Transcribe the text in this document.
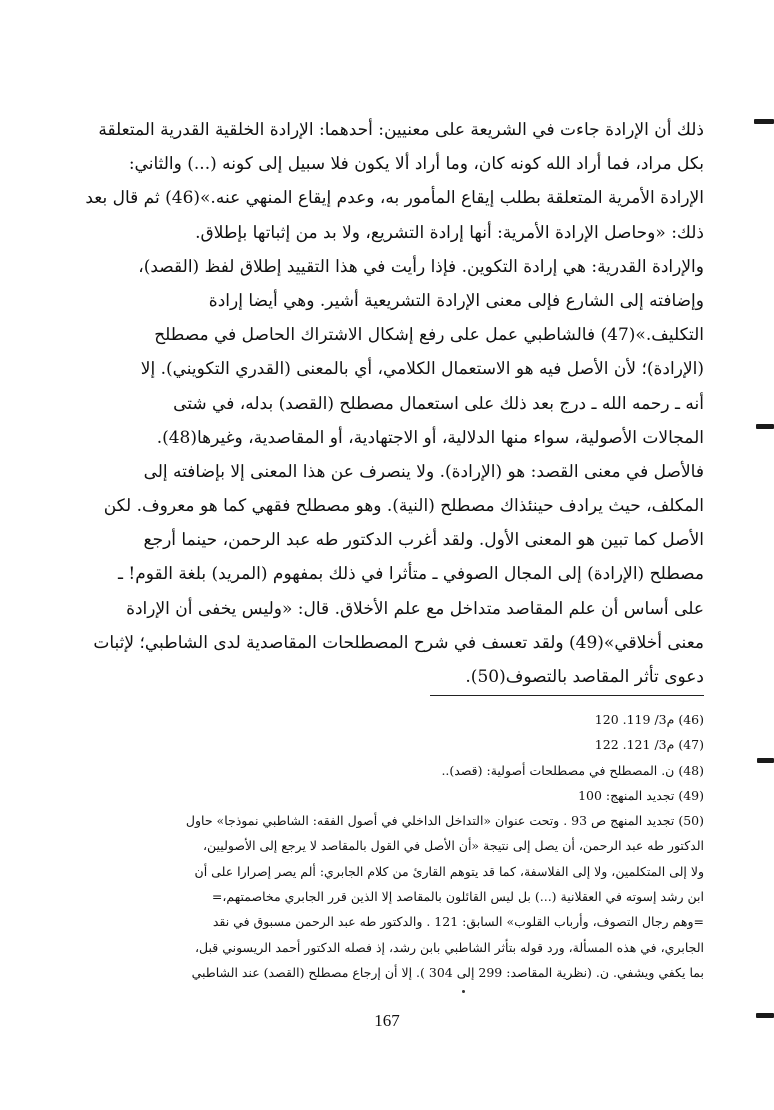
ذلك أن الإرادة جاءت في الشريعة على معنيين: أحدهما: الإرادة الخلقية القدرية المتعلقة
بكل مراد، فما أراد الله كونه كان، وما أراد ألا يكون فلا سبيل إلى كونه (...) والثاني:
الإرادة الأمرية المتعلقة بطلب إيقاع المأمور به، وعدم إيقاع المنهي عنه.»(46) ثم قال بعد
ذلك: «وحاصل الإرادة الأمرية: أنها إرادة التشريع، ولا بد من إثباتها بإطلاق.
والإرادة القدرية: هي إرادة التكوين. فإذا رأيت في هذا التقييد إطلاق لفظ (القصد)،
وإضافته إلى الشارع فإلى معنى الإرادة التشريعية أشير. وهي أيضا إرادة
التكليف.»(47) فالشاطبي عمل على رفع إشكال الاشتراك الحاصل في مصطلح
(الإرادة)؛ لأن الأصل فيه هو الاستعمال الكلامي، أي بالمعنى (القدري التكويني). إلا
أنه ـ رحمه الله ـ درج بعد ذلك على استعمال مصطلح (القصد) بدله، في شتى
المجالات الأصولية، سواء منها الدلالية، أو الاجتهادية، أو المقاصدية، وغيرها(48).
فالأصل في معنى القصد: هو (الإرادة). ولا ينصرف عن هذا المعنى إلا بإضافته إلى
المكلف، حيث يرادف حينئذاك مصطلح (النية). وهو مصطلح فقهي كما هو معروف. لكن
الأصل كما تبين هو المعنى الأول. ولقد أغرب الدكتور طه عبد الرحمن، حينما أرجع
مصطلح (الإرادة) إلى المجال الصوفي ـ متأثرا في ذلك بمفهوم (المريد) بلغة القوم! ـ
على أساس أن علم المقاصد متداخل مع علم الأخلاق. قال: «وليس يخفى أن الإرادة
معنى أخلاقي»(49) ولقد تعسف في شرح المصطلحات المقاصدية لدى الشاطبي؛ لإثبات
دعوى تأثر المقاصد بالتصوف(50).
(46) م3/ 119. 120
(47) م3/ 121. 122
(48) ن. المصطلح في مصطلحات أصولية: (قصد)..
(49) تجديد المنهج: 100
(50) تجديد المنهج ص 93 . وتحت عنوان «التداخل الداخلي في أصول الفقه: الشاطبي نموذجا» حاول
الدكتور طه عبد الرحمن، أن يصل إلى نتيجة «أن الأصل في القول بالمقاصد لا يرجع إلى الأصوليين،
ولا إلى المتكلمين، ولا إلى الفلاسفة، كما قد يتوهم القارئ من كلام الجابري: ألم يصر إصرارا على أن
ابن رشد إسوته في العقلانية (...) بل ليس القائلون بالمقاصد إلا الذين قرر الجابري مخاصمتهم،=
=وهم رجال التصوف، وأرباب القلوب» السابق: 121 . والدكتور طه عبد الرحمن مسبوق في نقد
الجابري، في هذه المسألة، ورد قوله بتأثر الشاطبي بابن رشد، إذ فصله الدكتور أحمد الريسوني قبل،
بما يكفي ويشفي. ن. (نظرية المقاصد: 299 إلى 304 ). إلا أن إرجاع مصطلح (القصد) عند الشاطبي
167
